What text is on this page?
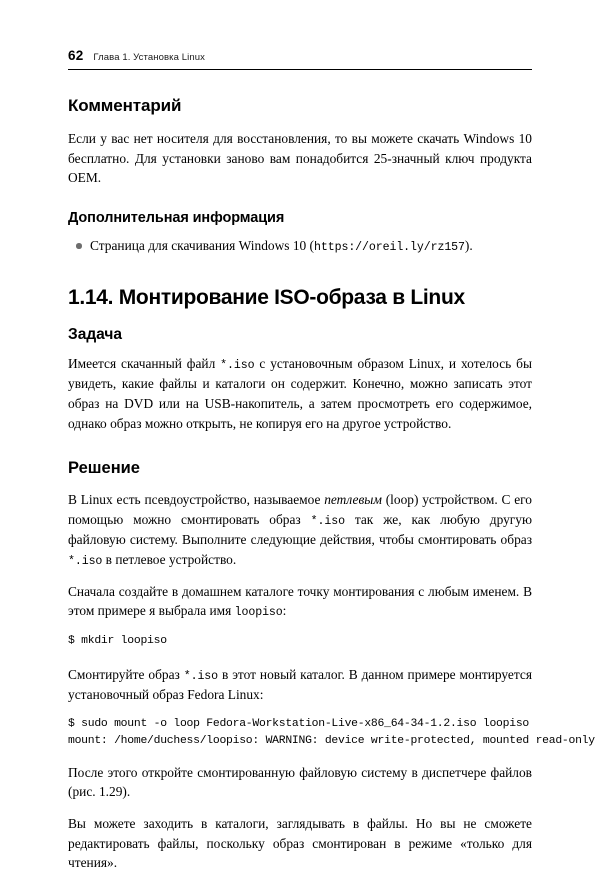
62 Глава 1. Установка Linux
Комментарий

Если у вас нет носителя для восстановления, то вы можете скачать Windows 10 бесплатно. Для установки заново вам понадобится 25-значный ключ продукта OEM.

Дополнительная информация
Страница для скачивания Windows 10 (https://oreil.ly/rz157).
1.14. Монтирование ISO-образа в Linux
Задача

Имеется скачанный файл *.iso с установочным образом Linux, и хотелось бы увидеть, какие файлы и каталоги он содержит. Конечно, можно записать этот образ на DVD или на USB-накопитель, а затем просмотреть его содержимое, однако образ можно открыть, не копируя его на другое устройство.

Решение

В Linux есть псевдоустройство, называемое петлевым (loop) устройством. С его помощью можно смонтировать образ *.iso так же, как любую другую файловую систему. Выполните следующие действия, чтобы смонтировать образ *.iso в петлевое устройство.

Сначала создайте в домашнем каталоге точку монтирования с любым именем. В этом примере я выбрала имя loopiso:

$ mkdir loopiso

Смонтируйте образ *.iso в этот новый каталог. В данном примере монтируется установочный образ Fedora Linux:

$ sudo mount -o loop Fedora-Workstation-Live-x86_64-34-1.2.iso loopiso
mount: /home/duchess/loopiso: WARNING: device write-protected, mounted read-only

После этого откройте смонтированную файловую систему в диспетчере файлов (рис. 1.29).

Вы можете заходить в каталоги, заглядывать в файлы. Но вы не сможете редактировать файлы, поскольку образ смонтирован в режиме «только для чтения».
